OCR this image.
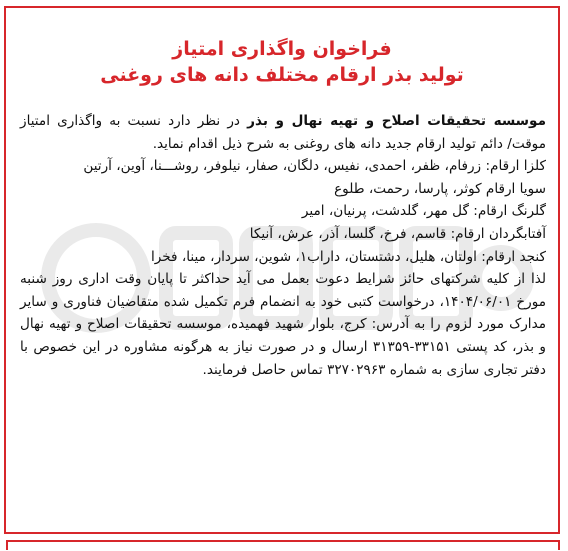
فراخوان واگذاری امتیاز

تولید بذر ارقام مختلف دانه های روغنی

موسسه تحقیقات اصلاح و تهیه نهال و بذر در نظر دارد نسبت به واگذاری امتیاز موقت/ دائم تولید ارقام جدید دانه های روغنی به شرح ذیل اقدام نماید.

کلزا ارقام: زرفام، ظفر، احمدی، نفیس، دلگان، صفار، نیلوفر، روشـــنا، آوین، آرتین

سویا ارقام کوثر، پارسا، رحمت، طلوع

گلرنگ ارقام: گل مهر، گلدشت، پرنیان، امیر

آفتابگردان ارقام: قاسم، فرخ، گلسا، آذر، عرش، آنیکا

کنجد ارقام: اولتان، هلیل، دشتستان، داراب۱، شوین، سردار، مینا، فخرا

لذا از کلیه شرکتهای حائز شرایط دعوت بعمل می آید حداکثر تا پایان وقت اداری روز شنبه مورخ ۱۴۰۴/۰۶/۰۱، درخواست کتبی خود به انضمام فرم تکمیل شده متقاضیان فناوری و سایر مدارک مورد لزوم را به آدرس: کرج، بلوار شهید فهمیده، موسسه تحقیقات اصلاح و تهیه نهال و بذر، کد پستی ۳۳۱۵۱-۳۱۳۵۹ ارسال و در صورت نیاز به هرگونه مشاوره در این خصوص با دفتر تجاری سازی به شماره ۳۲۷۰۲۹۶۳ تماس حاصل فرمایند.
